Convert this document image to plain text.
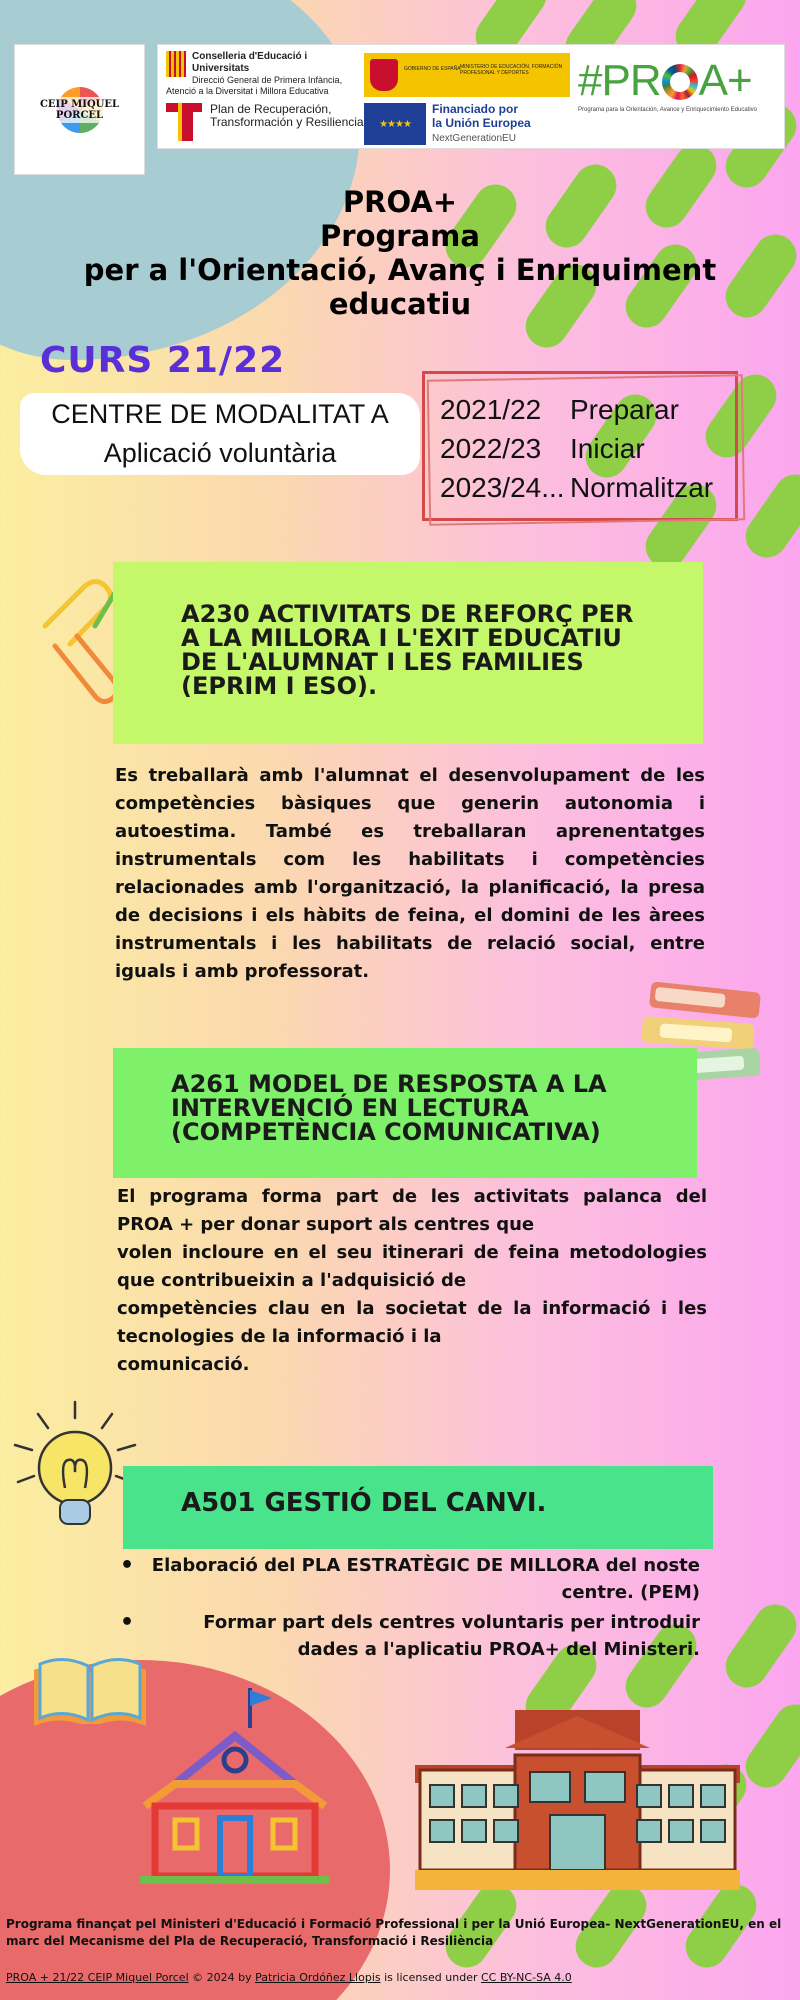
CEIP MIQUEL PORCEL
Conselleria d'Educació i Universitats
Direcció General de Primera Infància, Atenció a la Diversitat i Millora Educativa
Plan de Recuperación, Transformación y Resiliencia
GOBIERNO DE ESPAÑA MINISTERIO DE EDUCACIÓN, FORMACIÓN PROFESIONAL Y DEPORTES
★★★★
Financiado por
la Unión Europea
NextGenerationEU
#PR A+
Programa para la Orientación, Avance y Enriquecimiento Educativo
PROA+
Programa
per a l'Orientació, Avanç i Enriquiment
educatiu
CURS 21/22
CENTRE DE MODALITAT A
Aplicació voluntària
2021/22 Preparar
2022/23 Iniciar
2023/24... Normalitzar
A230 ACTIVITATS DE REFORÇ PER A LA MILLORA I L'EXIT EDUCATIU DE L'ALUMNAT I LES FAMILIES (EPRIM I ESO).
Es treballarà amb l'alumnat el desenvolupament de les competències bàsiques que generin autonomia i autoestima. També es treballaran aprenentatges instrumentals com les habilitats i competències relacionades amb l'organització, la planificació, la presa de decisions i els hàbits de feina, el domini de les àrees instrumentals i les habilitats de relació social, entre iguals i amb professorat.
A261 MODEL DE RESPOSTA A LA INTERVENCIÓ EN LECTURA (COMPETÈNCIA COMUNICATIVA)
El programa forma part de les activitats palanca del PROA + per donar suport als centres que
volen incloure en el seu itinerari de feina metodologies que contribueixin a l'adquisició de
competències clau en la societat de la informació i les tecnologies de la informació i la
comunicació.
A501 GESTIÓ DEL CANVI.
• Elaboració del PLA ESTRATÈGIC DE MILLORA del noste centre. (PEM)
• Formar part dels centres voluntaris per introduir dades a l'aplicatiu PROA+ del Ministeri.
Programa finançat pel Ministeri d'Educació i Formació Professional i per la Unió Europea- NextGenerationEU, en el marc del Mecanisme del Pla de Recuperació, Transformació i Resiliència
PROA + 21/22 CEIP Miquel Porcel © 2024 by Patricia Ordóñez Llopis is licensed under CC BY-NC-SA 4.0
